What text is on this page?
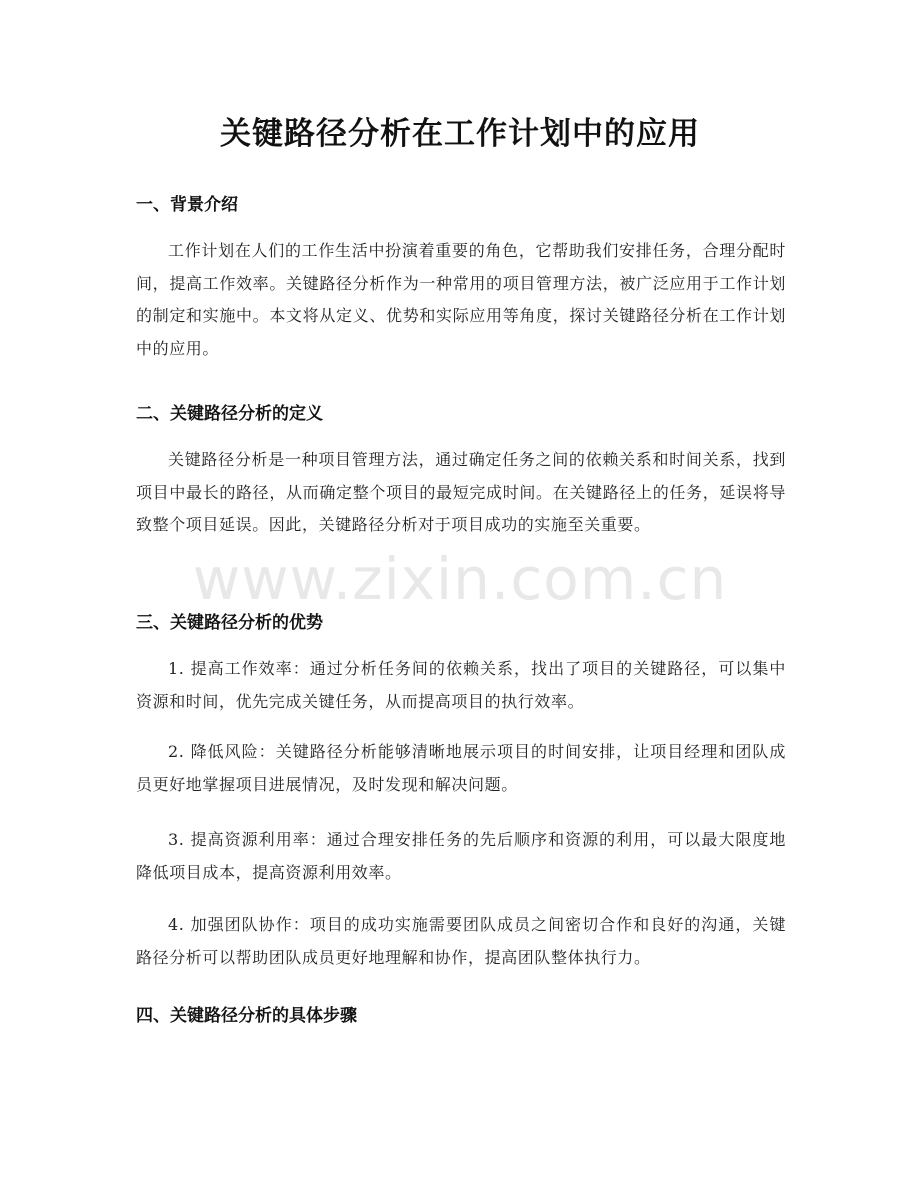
关键路径分析在工作计划中的应用
一、背景介绍

工作计划在人们的工作生活中扮演着重要的角色，它帮助我们安排任务，合理分配时间，提高工作效率。关键路径分析作为一种常用的项目管理方法，被广泛应用于工作计划的制定和实施中。本文将从定义、优势和实际应用等角度，探讨关键路径分析在工作计划中的应用。

二、关键路径分析的定义

关键路径分析是一种项目管理方法，通过确定任务之间的依赖关系和时间关系，找到项目中最长的路径，从而确定整个项目的最短完成时间。在关键路径上的任务，延误将导致整个项目延误。因此，关键路径分析对于项目成功的实施至关重要。

三、关键路径分析的优势

1. 提高工作效率：通过分析任务间的依赖关系，找出了项目的关键路径，可以集中资源和时间，优先完成关键任务，从而提高项目的执行效率。

2. 降低风险：关键路径分析能够清晰地展示项目的时间安排，让项目经理和团队成员更好地掌握项目进展情况，及时发现和解决问题。

3. 提高资源利用率：通过合理安排任务的先后顺序和资源的利用，可以最大限度地降低项目成本，提高资源利用效率。

4. 加强团队协作：项目的成功实施需要团队成员之间密切合作和良好的沟通，关键路径分析可以帮助团队成员更好地理解和协作，提高团队整体执行力。

四、关键路径分析的具体步骤
www.zixin.com.cn
